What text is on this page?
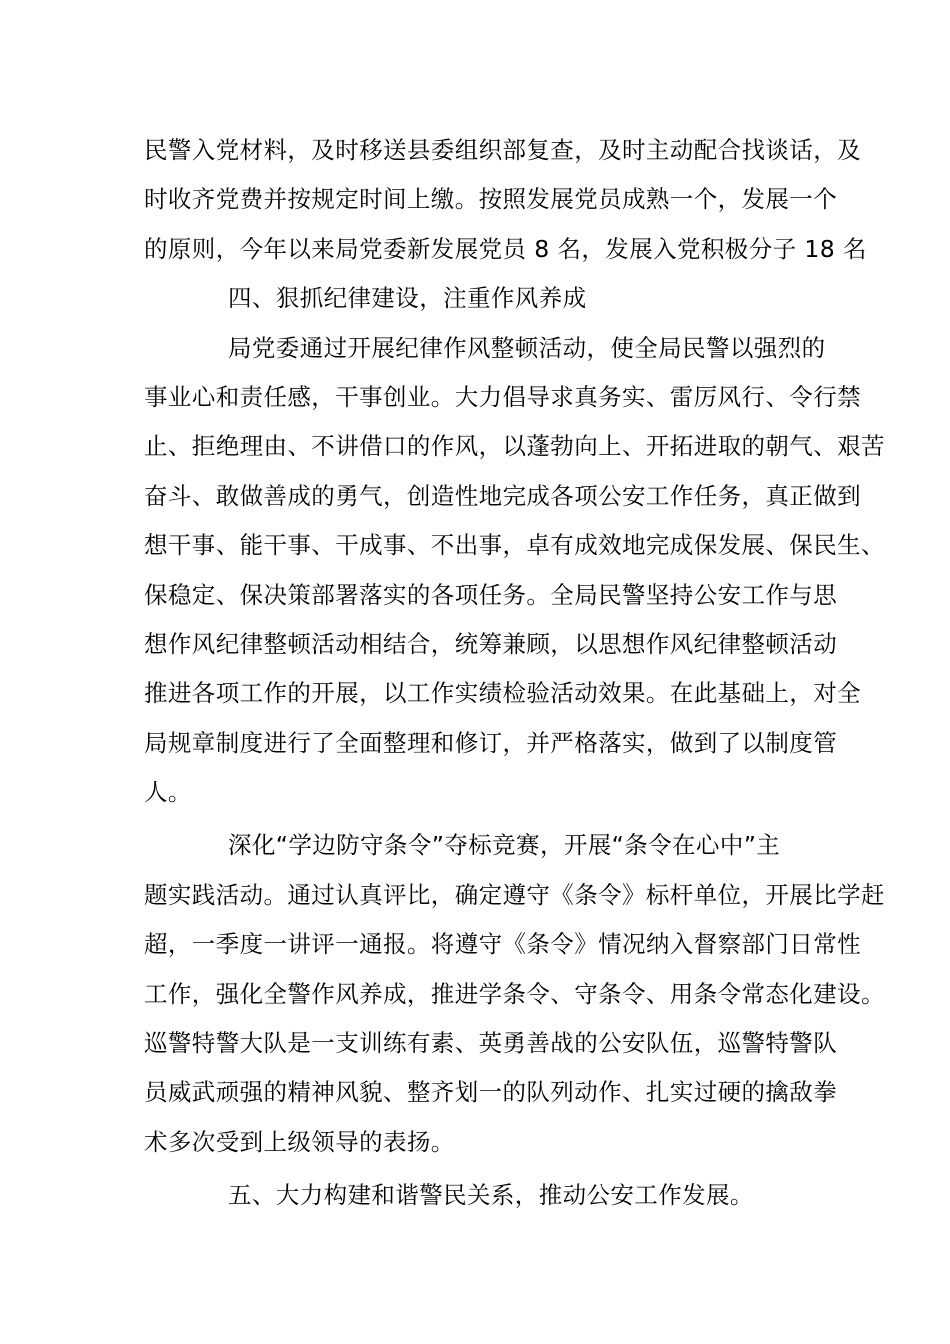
民警入党材料，及时移送县委组织部复查，及时主动配合找谈话，及
时收齐党费并按规定时间上缴。按照发展党员成熟一个，发展一个
的原则，今年以来局党委新发展党员 8 名，发展入党积极分子 18 名
四、狠抓纪律建设，注重作风养成
局党委通过开展纪律作风整顿活动，使全局民警以强烈的
事业心和责任感，干事创业。大力倡导求真务实、雷厉风行、令行禁
止、拒绝理由、不讲借口的作风，以蓬勃向上、开拓进取的朝气、艰苦
奋斗、敢做善成的勇气，创造性地完成各项公安工作任务，真正做到
想干事、能干事、干成事、不出事，卓有成效地完成保发展、保民生、
保稳定、保决策部署落实的各项任务。全局民警坚持公安工作与思
想作风纪律整顿活动相结合，统筹兼顾，以思想作风纪律整顿活动
推进各项工作的开展，以工作实绩检验活动效果。在此基础上，对全
局规章制度进行了全面整理和修订，并严格落实，做到了以制度管
人。
深化“学边防守条令”夺标竞赛，开展“条令在心中”主
题实践活动。通过认真评比，确定遵守《条令》标杆单位，开展比学赶
超，一季度一讲评一通报。将遵守《条令》情况纳入督察部门日常性
工作，强化全警作风养成，推进学条令、守条令、用条令常态化建设。
巡警特警大队是一支训练有素、英勇善战的公安队伍，巡警特警队
员威武顽强的精神风貌、整齐划一的队列动作、扎实过硬的擒敌拳
术多次受到上级领导的表扬。
五、大力构建和谐警民关系，推动公安工作发展。
